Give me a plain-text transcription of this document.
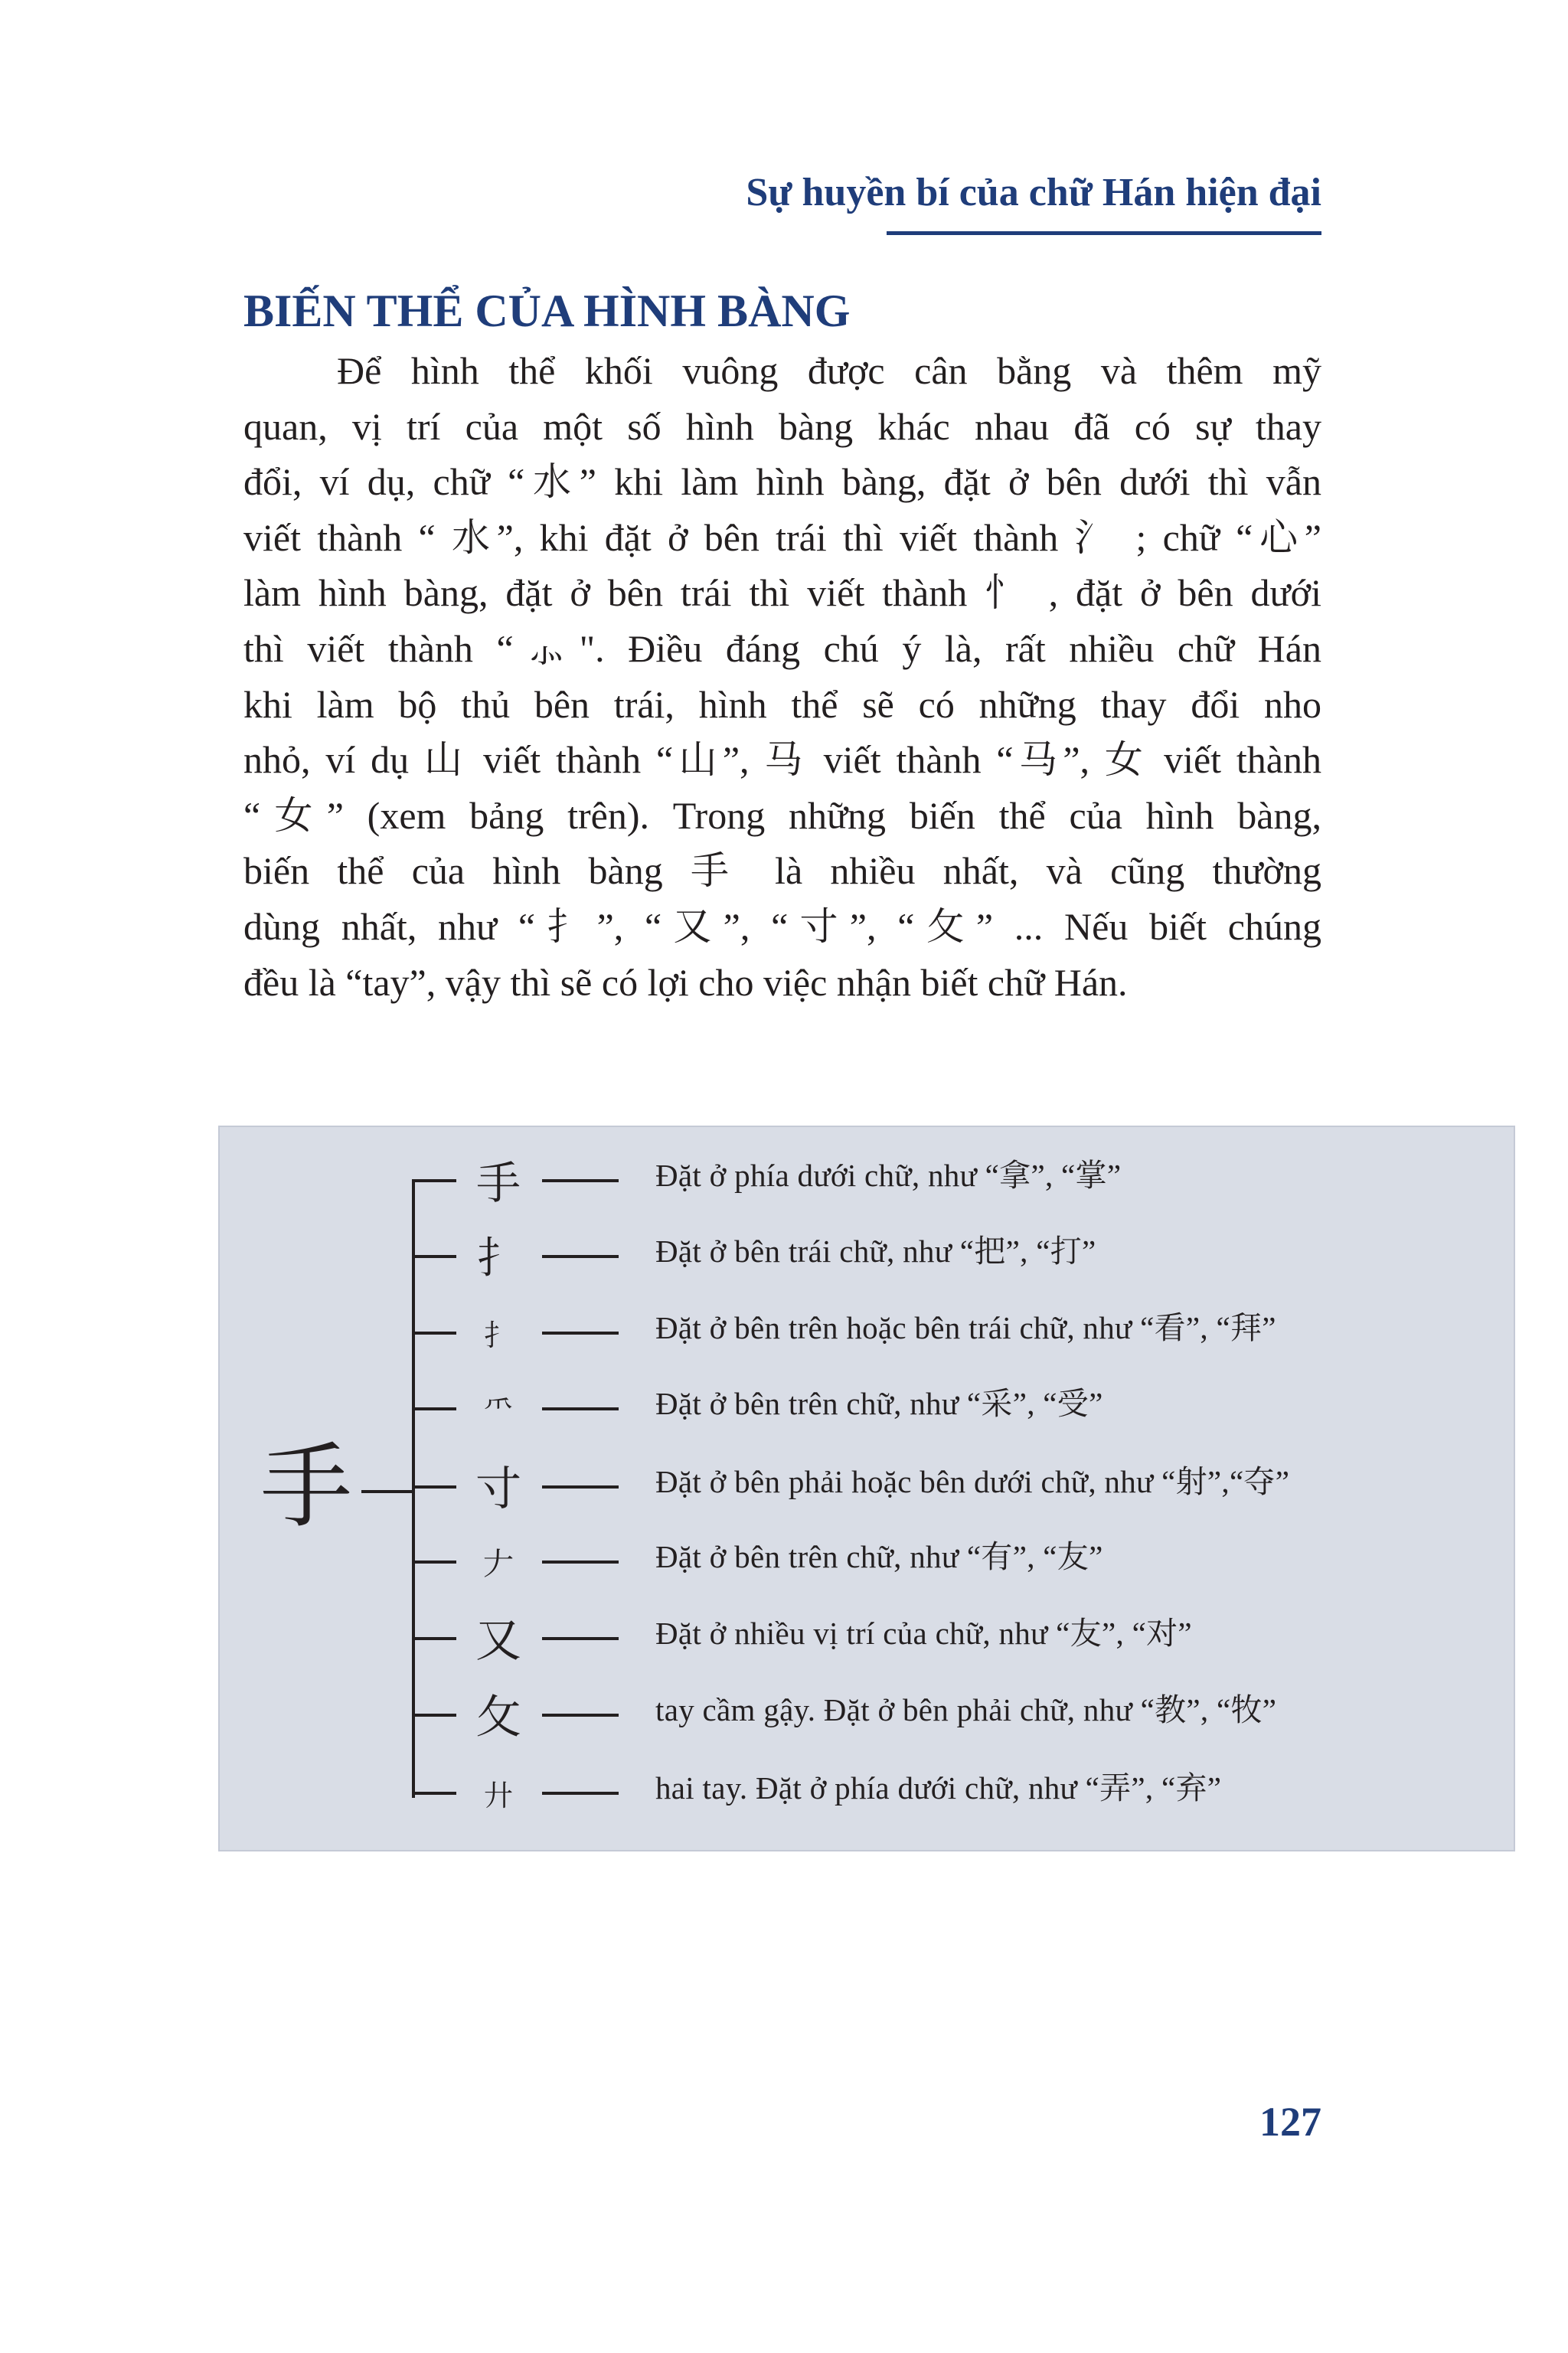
Sự huyền bí của chữ Hán hiện đại
BIẾN THỂ CỦA HÌNH BÀNG
Để hình thể khối vuông được cân bằng và thêm mỹ
quan, vị trí của một số hình bàng khác nhau đã có sự thay
đổi, ví dụ, chữ “水” khi làm hình bàng, đặt ở bên dưới thì vẫn
viết thành “ 水”, khi đặt ở bên trái thì viết thành 氵 ; chữ “心”
làm hình bàng, đặt ở bên trái thì viết thành 忄 , đặt ở bên dưới
thì viết thành “⺗". Điều đáng chú ý là, rất nhiều chữ Hán
khi làm bộ thủ bên trái, hình thể sẽ có những thay đổi nho
nhỏ, ví dụ 山 viết thành “⼭”, 马 viết thành “马”, 女 viết thành
“女” (xem bảng trên). Trong những biến thể của hình bàng,
biến thể của hình bàng 手 là nhiều nhất, và cũng thường
dùng nhất, như “扌”, “又”, “寸”, “攵” ... Nếu biết chúng
đều là “tay”, vậy thì sẽ có lợi cho việc nhận biết chữ Hán.
手
手	Đặt ở phía dưới chữ, như “拿”, “掌”
扌	Đặt ở bên trái chữ, như “把”, “打”
⺘	Đặt ở bên trên hoặc bên trái chữ, như “看”, “拜”
⺥	Đặt ở bên trên chữ, như “采”, “受”
寸	Đặt ở bên phải hoặc bên dưới chữ, như “射”,“夺”
𠂇	Đặt ở bên trên chữ, như “有”, “友”
又	Đặt ở nhiều vị trí của chữ, như “友”, “对”
攵	tay cầm gậy. Đặt ở bên phải chữ, như “教”, “牧”
廾	hai tay. Đặt ở phía dưới chữ, như “弄”, “弃”
127
